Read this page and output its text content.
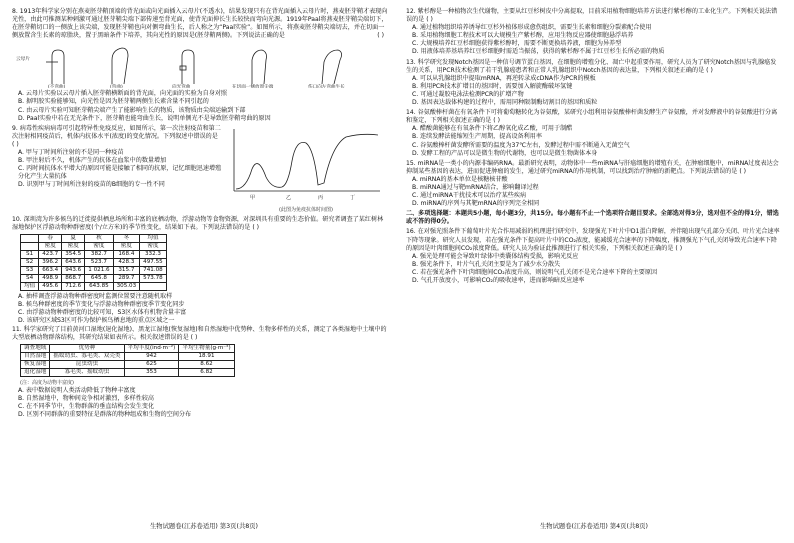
8. 1913年科学家分别在燕麦胚芽鞘顶端的背光面或向光面插入云母片(不透水)，结果发现只有在背光面插入云母片时，燕麦胚芽鞘才表现向光性，由此可推测某种刺激可通过胚芽鞘尖端下部传递至背光面，使背光面伸长生长较快而弯向光源。1919年Paal将燕麦胚芽鞘尖端切下，在胚芽鞘切口的一侧放上该尖端，发现胚芽鞘也向对侧弯曲生长，后人称之为“Paal实验”。如图所示，将燕麦胚芽鞘尖端切去，并在切面一侧放置含生长素的琼脂块，置于黑暗条件下培养，其向光性的原因是(胚芽鞘两侧)。下列说法正确的是	( )
云母片
(不弯曲)	(弯曲)	向光弯曲	在切面一侧放置尖端	伤口向左弯曲生长

A. 云母片实验以云母片插入胚芽鞘横断面的背光面，向光面的实验为自身对照

B. 据明胶实验能够知，向光性是因为胚芽鞘两侧生长素含量不同引起的

C. 由云母片实验可知胚芽鞘尖端产生了能影响生长的物质，该物质由尖端运输到下部

D. Paal实验中若在无光条件下，胚芽鞘也能弯曲生长，说明单侧光不是导致胚芽鞘弯曲的原因

9. 病毒性疾病病毒可引起特异性免疫反应，如图所示，第一次注射疫苗和第二次注射相同疫苗后，机体内抗体水平(浓度)的变化情况。下列叙述中错误的是 ( )

A. 甲与丁时间所注射的不是同一种疫苗

B. 甲注射后不久，机体产生的抗体在血浆中的数量增加

C. 丙时间抗体水平增大的原因可能是接触了相同的抗原，记忆细胞迅速增殖分化产生大量抗体

D. 识别甲与丁时间所注射的疫苗的B细胞的专一性不同

甲	乙	丙	丁
(此图为免疫抗体时间图)
10. 深圳湾为许多候鸟的迁徙提供栖息场所和丰富的底栖动物，浮游动物等食物资源，对深圳具有重要的生态价值。研究者调查了某红树林湿地保护区浮游动物种群密度(个/立方米)的季节性变化，结果如下表。下列说法错误的是 ( )
	春	夏	秋	冬	均值
	密度	密度	密度	密度	密度
S1	423.7	354.5	382.7	168.4	332.3
S2	396.2	643.6	523.7	428.3	497.55
S3	663.4	943.6	1 021.6	315.7	741.08
S4	498.9	868.7	645.8	289.7	573.78
均值	495.6	712.6	643.85	305.03	

A. 抽样调查浮游动物种群密度时监测位置要注意随机取样

B. 候鸟种群密度的季节变化与浮游动物种群密度季节变化同步

C. 由浮游动物种群密度的比较可知，S3区水体有机物含量丰富

D. 该研究区域S3区可作为保护候鸟栖息地的重点区域之一

11. 科学家研究了目前黄河口湿地(退化湿地)、黑龙江湿地(恢复湿地)和自然湿地中优势种、生物多样性的关系，测定了各类湿地中土壤中的大型底栖动物群落结构，其研究结果如表所示。相关叙述错误的是 ( )
调查地域	优势种	平均丰度(ind·m⁻²)	平均生物量(g·m⁻²)
自然湿地	摇蚊幼虫、寡毛类、双壳类	942	18.91
恢复湿地	昆虫幼虫	625	8.62
退化湿地	寡毛类、摇蚊幼虫	353	6.82
(注：高度为动物丰富度)

A. 表中数据说明人类活动降低了物种丰富度

B. 自然湿地中，物种间竞争相对激烈，多样性较高

C. 在不同季节中，生物群落的垂直结构会发生变化

D. 区别不同群落的重要特征是群落的物种组成和生物的空间分布

12. 紫杉醇是一种植物次生代谢物，主要从红豆杉树皮中分离提取，目前采用植物细胞培养方法进行紫杉醇的工业化生产。下列相关说法错误的是 ( )

A. 通过植物组织培养诱导红豆杉外植体形成愈伤组织，需要生长素和细胞分裂素配合使用

B. 采用植物细胞工程技术可以大规模生产紫杉醇，应用生物反应器使细胞悬浮培养

C. 大规模培养红豆杉细胞获得紫杉醇时，需要不断更换培养液，细胞为异养型

D. 用液体培养基培养红豆杉细胞时需适当振荡，获得的紫杉醇不属于红豆杉生长所必需的物质

13. 科学研究发现Notch基因是一种信号调节蛋白基因，在细胞的增殖分化、凋亡中起重要作用，研究人员为了研究Notch基因与乳腺癌发生的关系，用PCR技术检测了若干乳腺癌患者和正常人乳腺组织中Notch基因的表达量，下列相关叙述正确的是 ( )

A. 可以从乳腺组织中提取mRNA，再逆转录成cDNA作为PCR的模板

B. 利用PCR技术扩增目的基因时，需要加入解旋酶破坏氢键

C. 可通过凝胶电泳法检测PCR的扩增产物

D. 基因表达载体构建的过程中，需用同种限制酶切割目的基因和质粒

14. 谷氨酸棒杆菌在有氧条件下可将葡萄糖转化为谷氨酸，某研究小组利用谷氨酸棒杆菌发酵生产谷氨酸，并对发酵液中的谷氨酸进行分离和鉴定，下列相关叙述正确的是 ( )

A. 醋酸菌能够在有氧条件下将乙醇氧化成乙酸，可用于制醋

B. 连续发酵法能缩短生产周期，提高设备利用率

C. 谷氨酸棒杆菌发酵所需要的温度为37℃左右，发酵过程中需不断通入无菌空气

D. 发酵工程的产品可以是微生物的代谢物，也可以是微生物菌体本身

15. miRNA是一类小的内源非编码RNA。最新研究表明，动物体中一些miRNA与肝癌细胞的增殖有关，在肿瘤细胞中，miRNA过度表达会抑制某些基因的表达，进而促进肿瘤的发生，通过研究miRNA的作用机制，可以找到治疗肿瘤的新靶点。下列说法错误的是 ( )

A. miRNA的基本单位是核糖核苷酸

B. miRNA通过与靶mRNA结合，影响翻译过程

C. 通过miRNA干扰技术可以治疗某些疾病

D. miRNA的序列与其靶mRNA的序列完全相同

二、多项选择题：本题共5小题，每小题3分，共15分。每小题有不止一个选项符合题目要求。全部选对得3分，选对但不全的得1分，错选或不答的得0分。
16. 在对强光照条件下葡萄叶片光合作用减弱的机理进行研究中，发现强光下叶片中D1蛋白降解，并伴随出现气孔部分关闭、叶片光合速率下降等现象。研究人员发现，若在强光条件下提高叶片中的CO₂浓度，能减缓光合速率的下降幅度，推测强光下气孔关闭导致光合速率下降的原因是叶肉细胞间CO₂浓度降低。研究人员为验证此推测进行了相关实验，下列相关叙述正确的是 ( )

A. 强光处理可能会导致叶绿体中类囊体结构受损，影响光反应

B. 强光条件下，叶片气孔关闭主要是为了减少水分散失

C. 若在强光条件下叶肉细胞间CO₂浓度升高，则说明气孔关闭不是光合速率下降的主要原因

D. 气孔开放度小，可影响CO₂的吸收速率，进而影响暗反应速率

生物试题卷(江苏卷适用) 第3页(共8页)	生物试题卷(江苏卷适用) 第4页(共8页)
